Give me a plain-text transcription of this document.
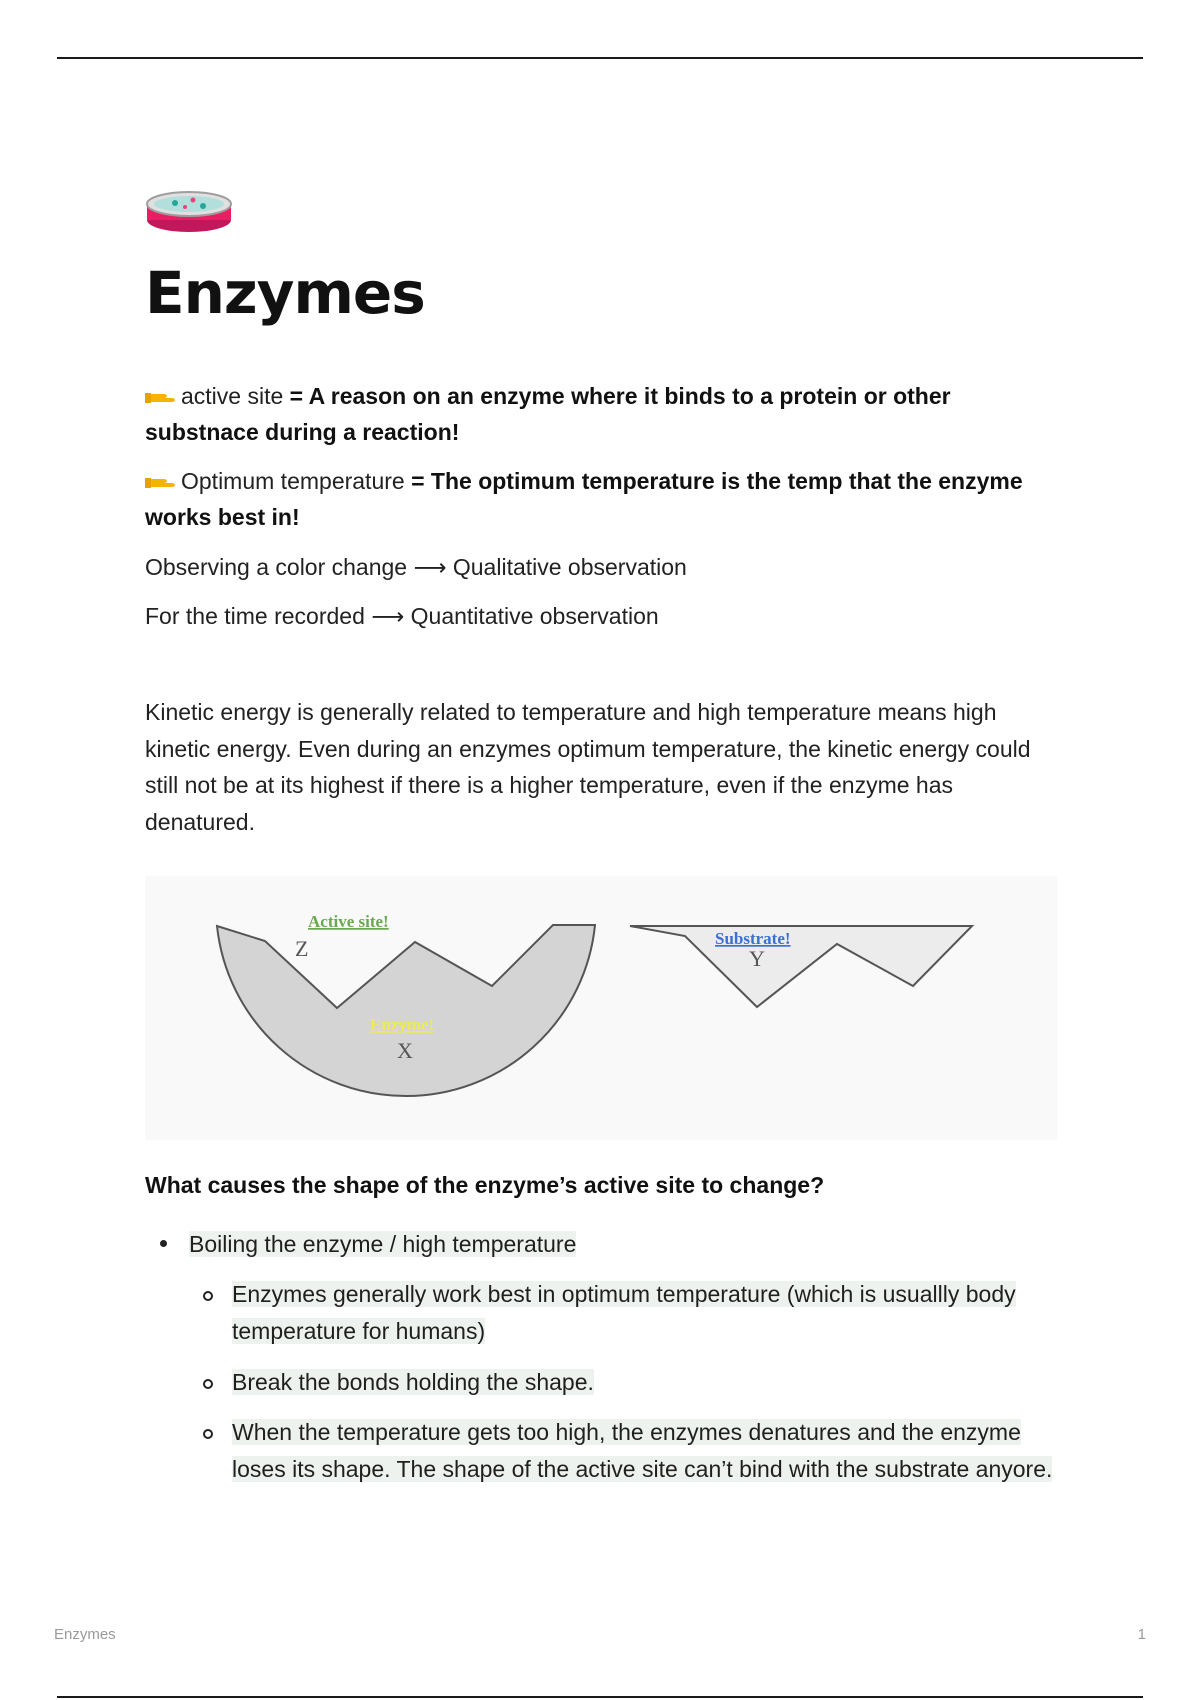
Enzymes
active site = A reason on an enzyme where it binds to a protein or other substnace during a reaction!
Optimum temperature = The optimum temperature is the temp that the enzyme works best in!
Observing a color change ⟶ Qualitative observation
For the time recorded ⟶ Quantitative observation
Kinetic energy is generally related to temperature and high temperature means high kinetic energy. Even during an enzymes optimum temperature, the kinetic energy could still not be at its highest if there is a higher temperature, even if the enzyme has denatured.
Active site!
Z
Enzyme!
X
Substrate!
Y
What causes the shape of the enzyme’s active site to change?
Boiling the enzyme / high temperature
Enzymes generally work best in optimum temperature (which is usuallly body temperature for humans)
Break the bonds holding the shape.
When the temperature gets too high, the enzymes denatures and the enzyme loses its shape. The shape of the active site can’t bind with the substrate anyore.
Enzymes	1
